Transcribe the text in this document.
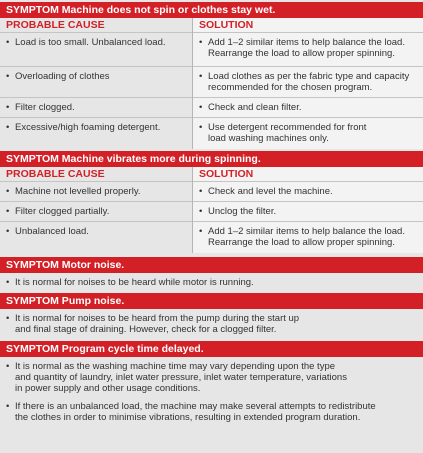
SYMPTOM Machine does not spin or clothes stay wet.
PROBABLE CAUSE
• Load is too small. Unbalanced load.
• Overloading of clothes
• Filter clogged.
• Excessive/high foaming detergent.
SOLUTION
• Add 1–2 similar items to help balance the load.
Rearrange the load to allow proper spinning.
• Load clothes as per the fabric type and capacity
recommended for the chosen program.
• Check and clean filter.
• Use detergent recommended for front
load washing machines only.
SYMPTOM Machine vibrates more during spinning.
PROBABLE CAUSE
• Machine not levelled properly.
• Filter clogged partially.
• Unbalanced load.
SOLUTION
• Check and level the machine.
• Unclog the filter.
• Add 1–2 similar items to help balance the load.
Rearrange the load to allow proper spinning.
SYMPTOM Motor noise.
• It is normal for noises to be heard while motor is running.
SYMPTOM Pump noise.
• It is normal for noises to be heard from the pump during the start up
and final stage of draining. However, check for a clogged filter.
SYMPTOM Program cycle time delayed.
• It is normal as the washing machine time may vary depending upon the type
and quantity of laundry, inlet water pressure, inlet water temperature, variations
in power supply and other usage conditions.
• If there is an unbalanced load, the machine may make several attempts to redistribute
the clothes in order to minimise vibrations, resulting in extended program duration.
